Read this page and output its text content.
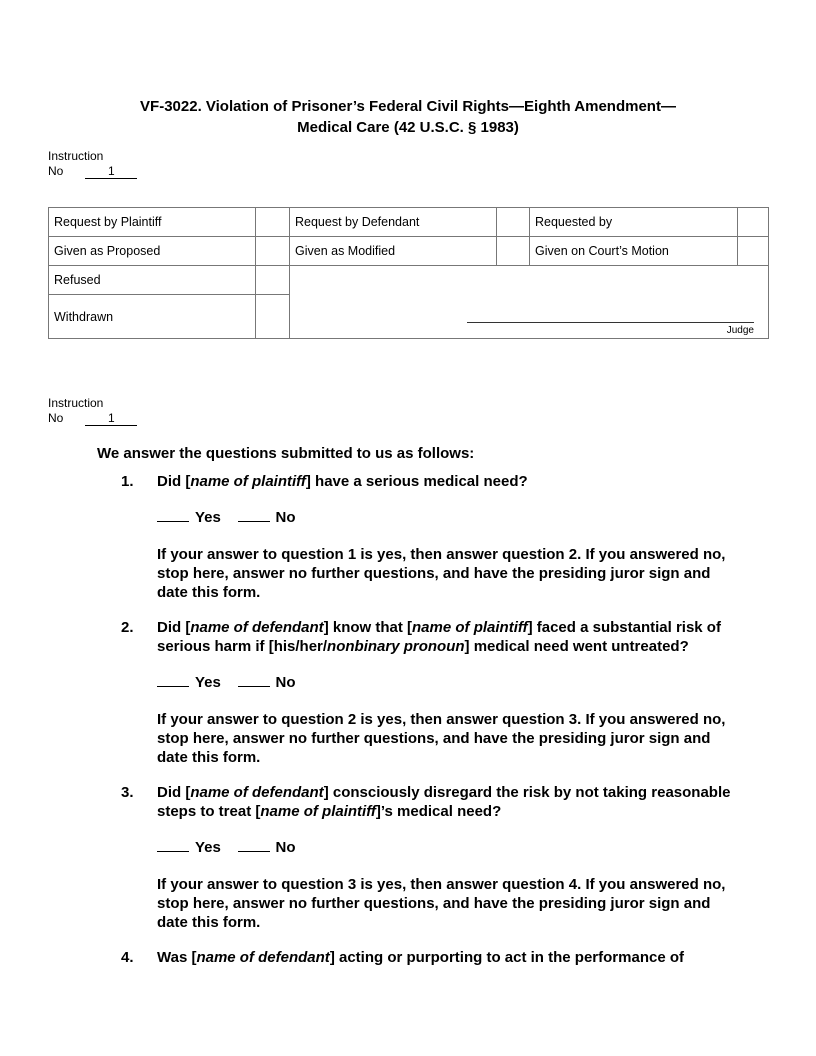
VF-3022. Violation of Prisoner’s Federal Civil Rights—Eighth Amendment—
Medical Care (42 U.S.C. § 1983)
Instruction
No	1
Request by Plaintiff		Request by Defendant		Requested by	
Given as Proposed		Given as Modified		Given on Court’s Motion	
Refused		Judge			

Withdrawn					
Instruction
No	1
We answer the questions submitted to us as follows:
1. Did [name of plaintiff] have a serious medical need?
Yes	No
If your answer to question 1 is yes, then answer question 2. If you answered no, stop here, answer no further questions, and have the presiding juror sign and date this form.
2. Did [name of defendant] know that [name of plaintiff] faced a substantial risk of serious harm if [his/her/nonbinary pronoun] medical need went untreated?
Yes	No
If your answer to question 2 is yes, then answer question 3. If you answered no, stop here, answer no further questions, and have the presiding juror sign and date this form.
3. Did [name of defendant] consciously disregard the risk by not taking reasonable steps to treat [name of plaintiff]’s medical need?
Yes	No
If your answer to question 3 is yes, then answer question 4. If you answered no, stop here, answer no further questions, and have the presiding juror sign and date this form.
4. Was [name of defendant] acting or purporting to act in the performance of
